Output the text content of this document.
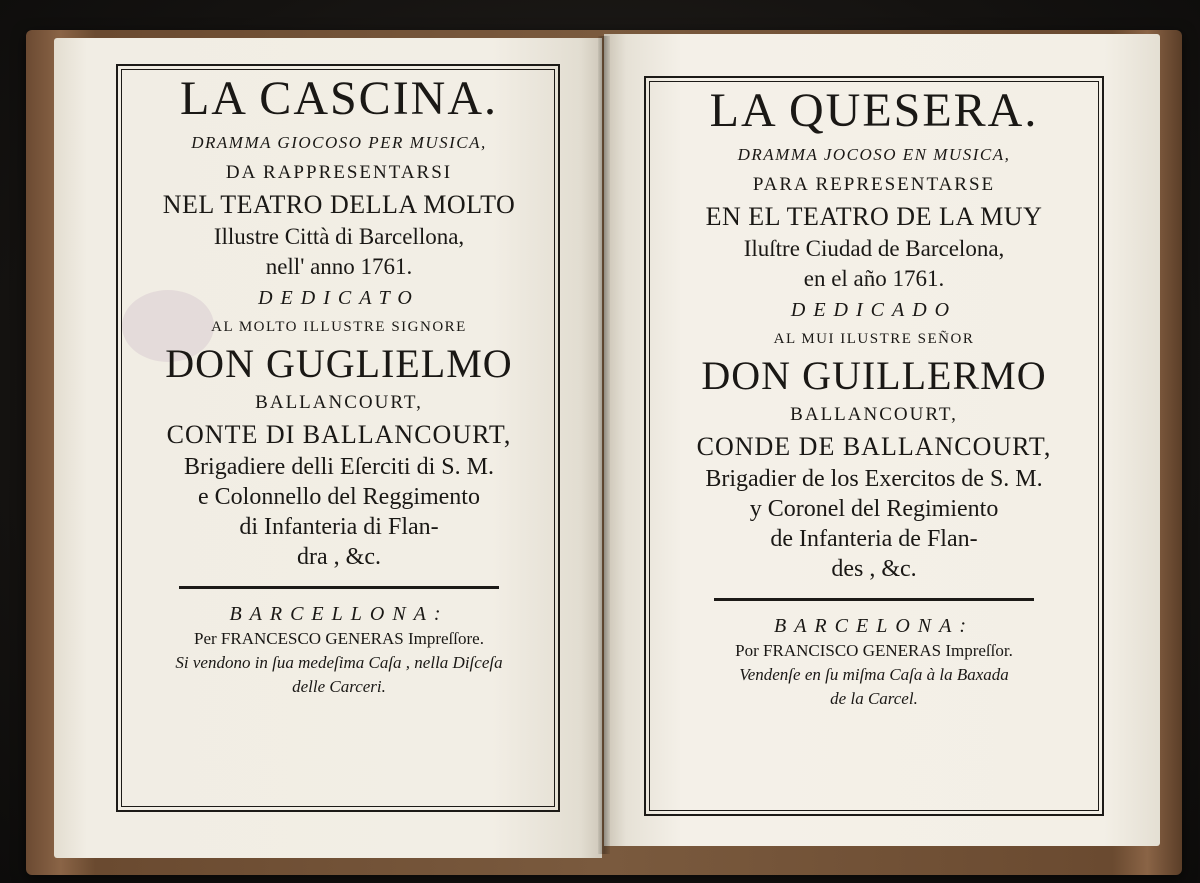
LA CASCINA.
DRAMMA GIOCOSO PER MUSICA,
DA RAPPRESENTARSI
NEL TEATRO DELLA MOLTO
Illustre Città di Barcellona,
nell' anno 1761.
DEDICATO
AL MOLTO ILLUSTRE SIGNORE
DON GUGLIELMO
BALLANCOURT,
CONTE DI BALLANCOURT,
Brigadiere delli Eſerciti di S. M.
e Colonnello del Reggimento
di Infanteria di Flan-
dra , &c.
BARCELLONA:
Per FRANCESCO GENERAS Impreſſore.
Si vendono in ſua medeſima Caſa , nella Diſceſa
delle Carceri.
LA QUESERA.
DRAMMA JOCOSO EN MUSICA,
PARA REPRESENTARSE
EN EL TEATRO DE LA MUY
Iluſtre Ciudad de Barcelona,
en el año 1761.
DEDICADO
AL MUI ILUSTRE SEÑOR
DON GUILLERMO
BALLANCOURT,
CONDE DE BALLANCOURT,
Brigadier de los Exercitos de S. M.
y Coronel del Regimiento
de Infanteria de Flan-
des , &c.
BARCELONA:
Por FRANCISCO GENERAS Impreſſor.
Vendenſe en ſu miſma Caſa à la Baxada
de la Carcel.
